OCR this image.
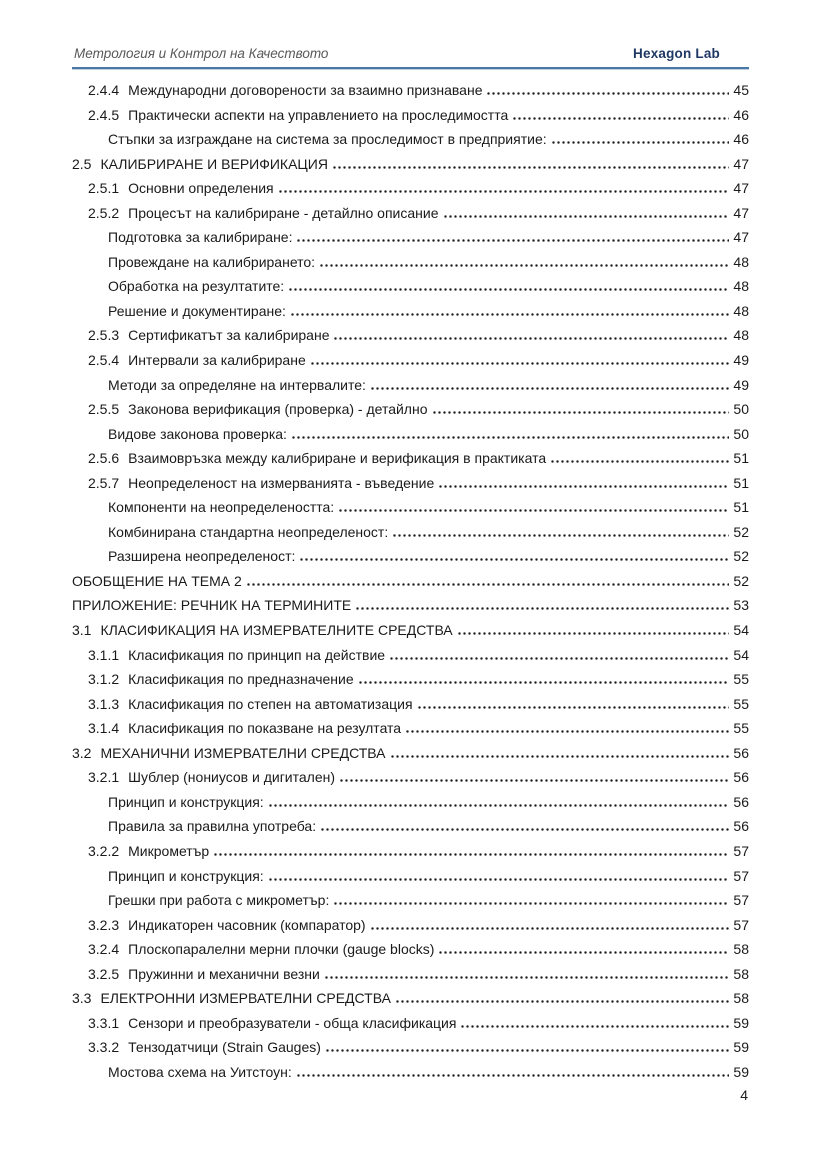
Метрология и Контрол на Качеството	Hexagon Lab
2.4.4 Международни договорености за взаимно признаване	45
2.4.5 Практически аспекти на управлението на проследимостта	46
Стъпки за изграждане на система за проследимост в предприятие:	46
2.5 КАЛИБРИРАНЕ И ВЕРИФИКАЦИЯ	47
2.5.1 Основни определения	47
2.5.2 Процесът на калибриране - детайлно описание	47
Подготовка за калибриране:	47
Провеждане на калибрирането:	48
Обработка на резултатите:	48
Решение и документиране:	48
2.5.3 Сертификатът за калибриране	48
2.5.4 Интервали за калибриране	49
Методи за определяне на интервалите:	49
2.5.5 Законова верификация (проверка) - детайлно	50
Видове законова проверка:	50
2.5.6 Взаимовръзка между калибриране и верификация в практиката	51
2.5.7 Неопределеност на измерванията - въведение	51
Компоненти на неопределеността:	51
Комбинирана стандартна неопределеност:	52
Разширена неопределеност:	52
ОБОБЩЕНИЕ НА ТЕМА 2	52
ПРИЛОЖЕНИЕ: РЕЧНИК НА ТЕРМИНИТЕ	53
3.1 КЛАСИФИКАЦИЯ НА ИЗМЕРВАТЕЛНИТЕ СРЕДСТВА	54
3.1.1 Класификация по принцип на действие	54
3.1.2 Класификация по предназначение	55
3.1.3 Класификация по степен на автоматизация	55
3.1.4 Класификация по показване на резултата	55
3.2 МЕХАНИЧНИ ИЗМЕРВАТЕЛНИ СРЕДСТВА	56
3.2.1 Шублер (нониусов и дигитален)	56
Принцип и конструкция:	56
Правила за правилна употреба:	56
3.2.2 Микрометър	57
Принцип и конструкция:	57
Грешки при работа с микрометър:	57
3.2.3 Индикаторен часовник (компаратор)	57
3.2.4 Плоскопаралелни мерни плочки (gauge blocks)	58
3.2.5 Пружинни и механични везни	58
3.3 ЕЛЕКТРОННИ ИЗМЕРВАТЕЛНИ СРЕДСТВА	58
3.3.1 Сензори и преобразуватели - обща класификация	59
3.3.2 Тензодатчици (Strain Gauges)	59
Мостова схема на Уитстоун:	59
4
